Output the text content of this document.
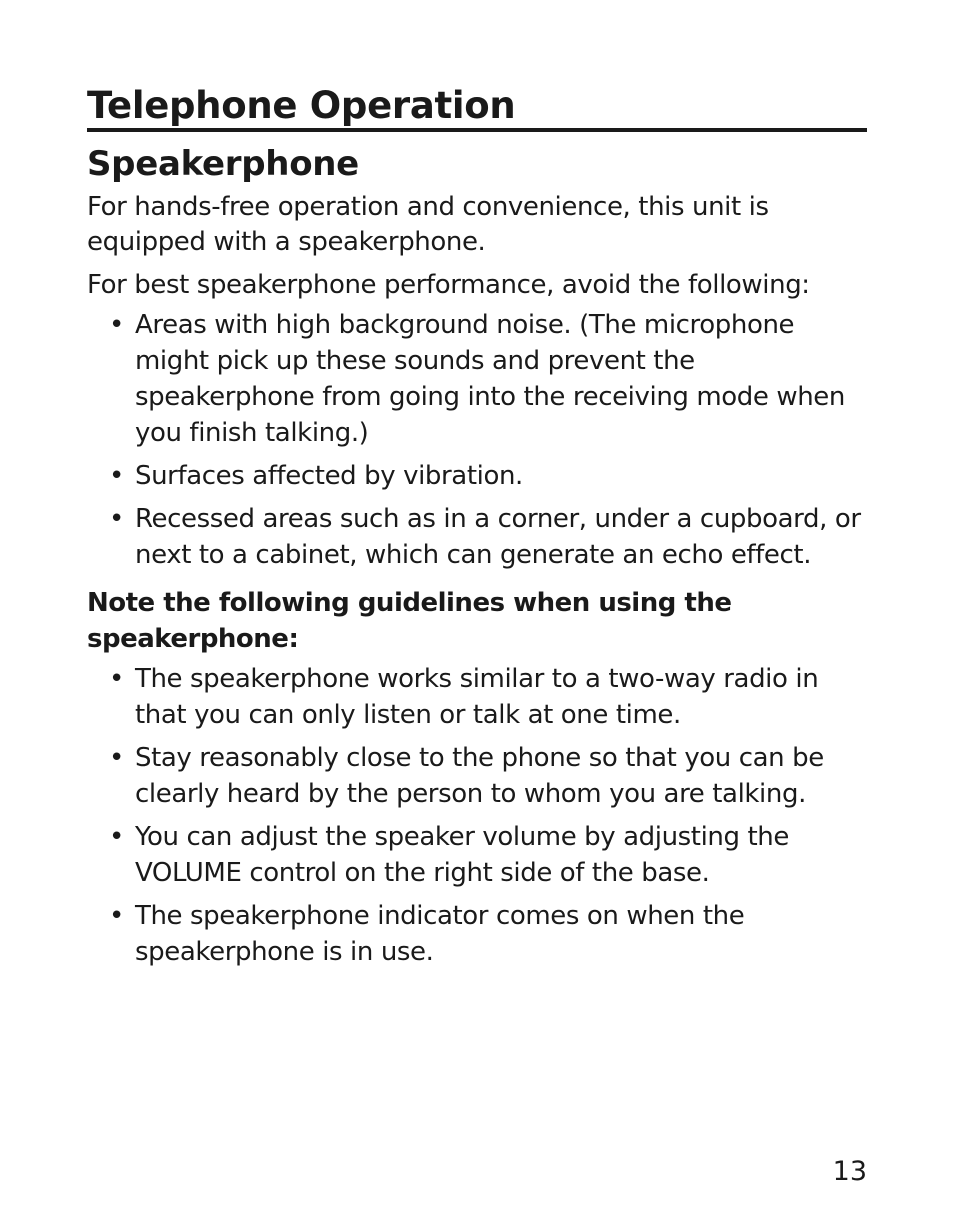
Telephone Operation
Speakerphone

For hands-free operation and convenience, this unit is equipped with a speakerphone.

For best speakerphone performance, avoid the following:

• Areas with high background noise. (The microphone might pick up these sounds and prevent the speakerphone from going into the receiving mode when you finish talking.)
• Surfaces affected by vibration.
• Recessed areas such as in a corner, under a cupboard, or next to a cabinet, which can generate an echo effect.

Note the following guidelines when using the speakerphone:

• The speakerphone works similar to a two-way radio in that you can only listen or talk at one time.
• Stay reasonably close to the phone so that you can be clearly heard by the person to whom you are talking.
• You can adjust the speaker volume by adjusting the VOLUME control on the right side of the base.
• The speakerphone indicator comes on when the speakerphone is in use.
13
